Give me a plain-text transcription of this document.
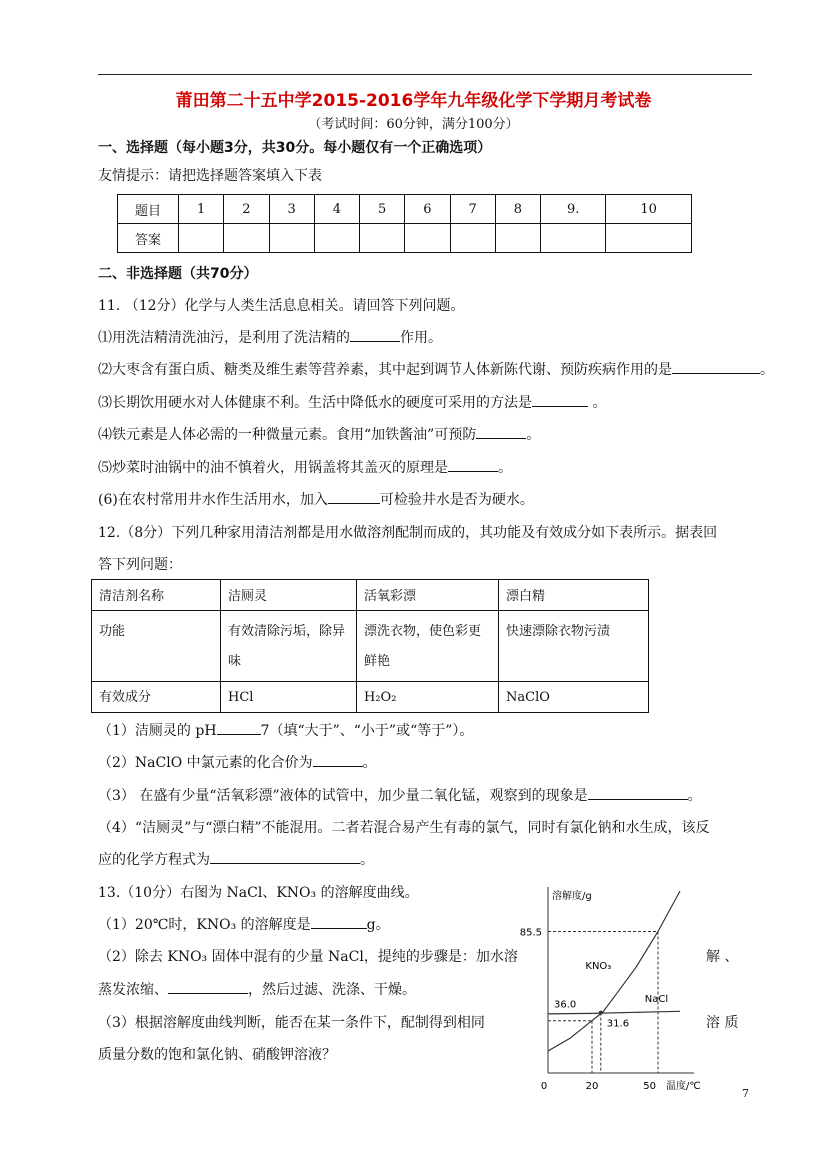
莆田第二十五中学2015-2016学年九年级化学下学期月考试卷
（考试时间：60分钟，满分100分）
一、选择题（每小题3分，共30分。每小题仅有一个正确选项）
友情提示：请把选择题答案填入下表
题目	1	2	3	4	5	6	7	8	9.	10
答案										
二、非选择题（共70分）
11. （12分）化学与人类生活息息相关。请回答下列问题。
⑴用洗洁精清洗油污，是利用了洗洁精的	作用。
⑵大枣含有蛋白质、糖类及维生素等营养素，其中起到调节人体新陈代谢、预防疾病作用的是	。
⑶长期饮用硬水对人体健康不利。生活中降低水的硬度可采用的方法是	。
⑷铁元素是人体必需的一种微量元素。食用“加铁酱油”可预防	。
⑸炒菜时油锅中的油不慎着火，用锅盖将其盖灭的原理是	。
(6)在农村常用井水作生活用水，加入	可检验井水是否为硬水。
12.（8分）下列几种家用清洁剂都是用水做溶剂配制而成的，其功能及有效成分如下表所示。据表回
答下列问题：
清洁剂名称	洁厕灵	活氧彩漂	漂白精
功能	有效清除污垢，除异味	漂洗衣物，使色彩更鲜艳	快速漂除衣物污渍
有效成分	HCl	H₂O₂	NaClO
（1）洁厕灵的 pH	7（填“大于”、“小于”或“等于”）。
（2）NaClO 中氯元素的化合价为	。
（3） 在盛有少量“活氧彩漂”液体的试管中，加少量二氧化锰，观察到的现象是	。
（4）“洁厕灵”与“漂白精”不能混用。二者若混合易产生有毒的氯气，同时有氯化钠和水生成，该反
应的化学方程式为	。
13.（10分）右图为 NaCl、KNO₃ 的溶解度曲线。
（1）20℃时，KNO₃ 的溶解度是	g。
（2）除去 KNO₃ 固体中混有的少量 NaCl，提纯的步骤是：加水溶	解 、
蒸发浓缩、	，然后过滤、洗涤、干燥。
（3）根据溶解度曲线判断，能否在某一条件下，配制得到相同	溶 质
质量分数的饱和氯化钠、硝酸钾溶液？
溶解度/g
温度/℃
KNO₃
NaCl
85.5
36.0
31.6
0	20	50
7
